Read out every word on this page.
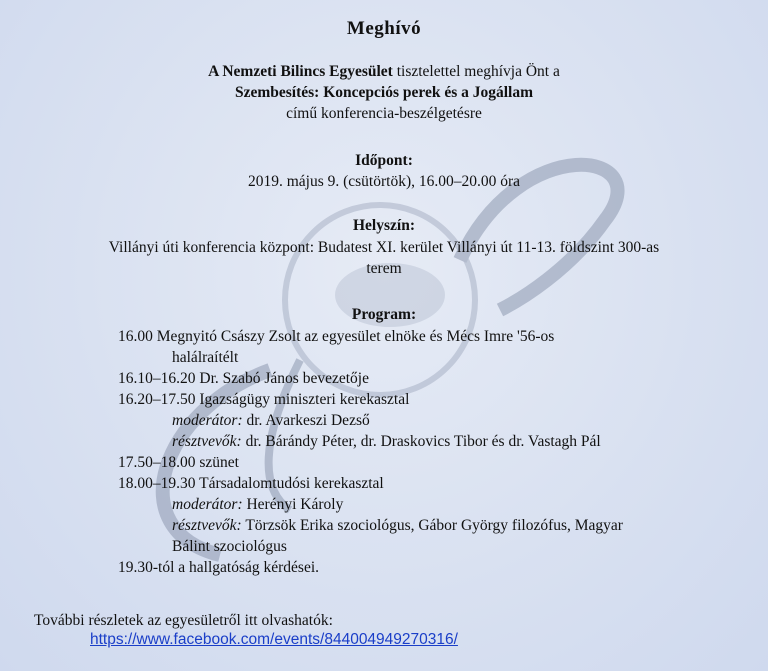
Meghívó
A Nemzeti Bilincs Egyesület tisztelettel meghívja Önt a
Szembesítés: Koncepciós perek és a Jogállam
című konferencia-beszélgetésre
Időpont:
2019. május 9. (csütörtök), 16.00–20.00 óra
Helyszín:
Villányi úti konferencia központ: Budatest XI. kerület Villányi út 11-13. földszint 300-as
terem
Program:
16.00 Megnyitó Császy Zsolt az egyesület elnöke és Mécs Imre '56-os
halálraítélt
16.10–16.20 Dr. Szabó János bevezetője
16.20–17.50 Igazságügy miniszteri kerekasztal
moderátor: dr. Avarkeszi Dezső
résztvevők: dr. Bárándy Péter, dr. Draskovics Tibor és dr. Vastagh Pál
17.50–18.00 szünet
18.00–19.30 Társadalomtudósi kerekasztal
moderátor: Herényi Károly
résztvevők: Törzsök Erika szociológus, Gábor György filozófus, Magyar
Bálint szociológus
19.30-tól a hallgatóság kérdései.
További részletek az egyesületről itt olvashatók:
https://www.facebook.com/events/844004949270316/
